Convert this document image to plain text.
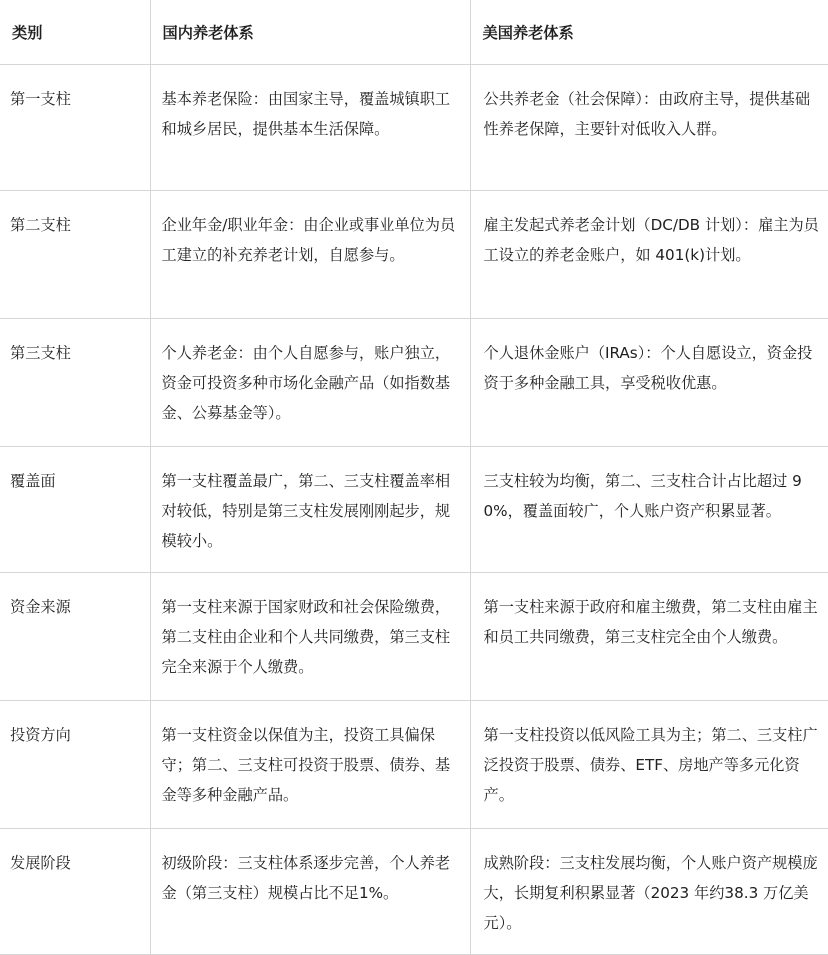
类别	国内养老体系	美国养老体系
第一支柱	基本养老保险：由国家主导，覆盖城镇职工和城乡居民，提供基本生活保障。	公共养老金（社会保障）：由政府主导，提供基础性养老保障，主要针对低收入人群。
第二支柱	企业年金/职业年金：由企业或事业单位为员工建立的补充养老计划，自愿参与。	雇主发起式养老金计划（DC/DB 计划）：雇主为员工设立的养老金账户，如 401(k)计划。
第三支柱	个人养老金：由个人自愿参与，账户独立，资金可投资多种市场化金融产品（如指数基金、公募基金等）。	个人退休金账户（IRAs）：个人自愿设立，资金投资于多种金融工具，享受税收优惠。
覆盖面	第一支柱覆盖最广，第二、三支柱覆盖率相对较低，特别是第三支柱发展刚刚起步，规模较小。	三支柱较为均衡，第二、三支柱合计占比超过 90%，覆盖面较广，个人账户资产积累显著。
资金来源	第一支柱来源于国家财政和社会保险缴费，第二支柱由企业和个人共同缴费，第三支柱完全来源于个人缴费。	第一支柱来源于政府和雇主缴费，第二支柱由雇主和员工共同缴费，第三支柱完全由个人缴费。
投资方向	第一支柱资金以保值为主，投资工具偏保守；第二、三支柱可投资于股票、债券、基金等多种金融产品。	第一支柱投资以低风险工具为主；第二、三支柱广泛投资于股票、债券、ETF、房地产等多元化资产。
发展阶段	初级阶段：三支柱体系逐步完善，个人养老金（第三支柱）规模占比不足1%。	成熟阶段：三支柱发展均衡，个人账户资产规模庞大，长期复利积累显著（2023 年约38.3 万亿美元）。
